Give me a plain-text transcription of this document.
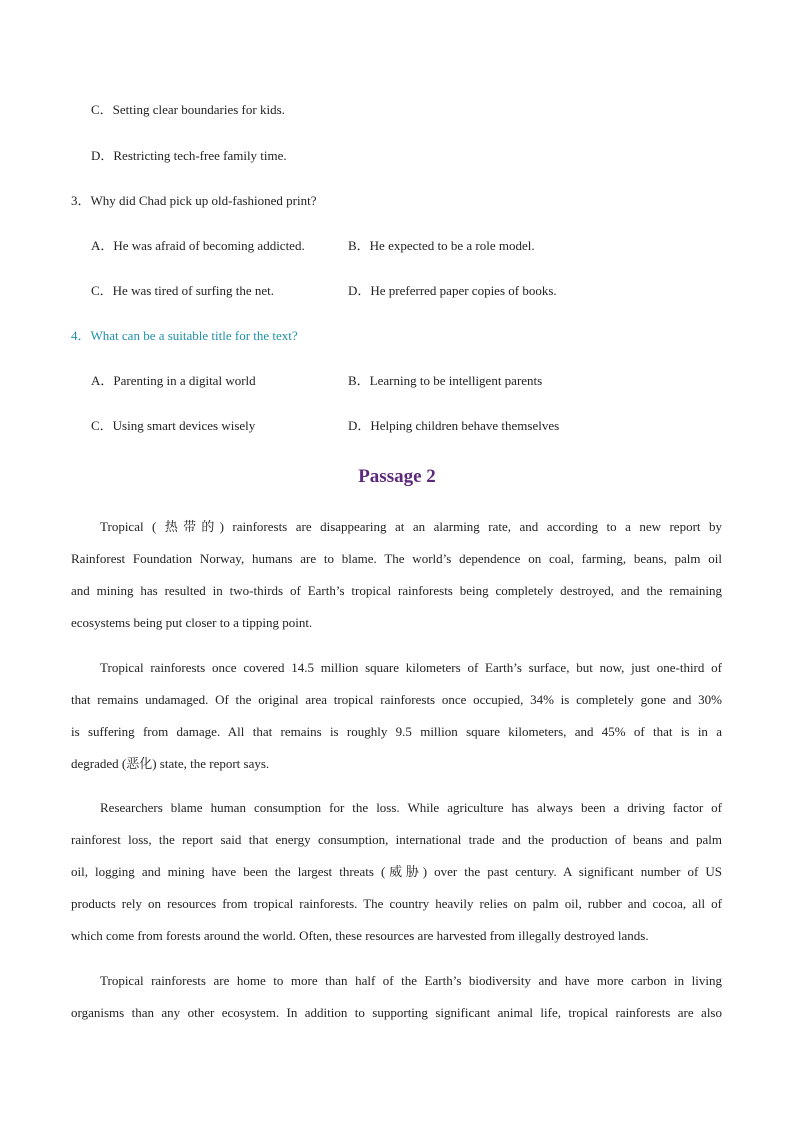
C．Setting clear boundaries for kids.
D．Restricting tech-free family time.
3．Why did Chad pick up old-fashioned print?
A．He was afraid of becoming addicted.	B．He expected to be a role model.
C．He was tired of surfing the net.	D．He preferred paper copies of books.
4．What can be a suitable title for the text?
A．Parenting in a digital world	B．Learning to be intelligent parents
C．Using smart devices wisely	D．Helping children behave themselves
Passage 2
Tropical ( 热带的) rainforests are disappearing at an alarming rate, and according to a new report by
Rainforest Foundation Norway, humans are to blame. The world’s dependence on coal, farming, beans, palm oil
and mining has resulted in two-thirds of Earth’s tropical rainforests being completely destroyed, and the remaining
ecosystems being put closer to a tipping point.
Tropical rainforests once covered 14.5 million square kilometers of Earth’s surface, but now, just one-third of
that remains undamaged. Of the original area tropical rainforests once occupied, 34% is completely gone and 30%
is suffering from damage. All that remains is roughly 9.5 million square kilometers, and 45% of that is in a
degraded (恶化) state, the report says.
Researchers blame human consumption for the loss. While agriculture has always been a driving factor of
rainforest loss, the report said that energy consumption, international trade and the production of beans and palm
oil, logging and mining have been the largest threats (威胁) over the past century. A significant number of US
products rely on resources from tropical rainforests. The country heavily relies on palm oil, rubber and cocoa, all of
which come from forests around the world. Often, these resources are harvested from illegally destroyed lands.
Tropical rainforests are home to more than half of the Earth’s biodiversity and have more carbon in living
organisms than any other ecosystem. In addition to supporting significant animal life, tropical rainforests are also
